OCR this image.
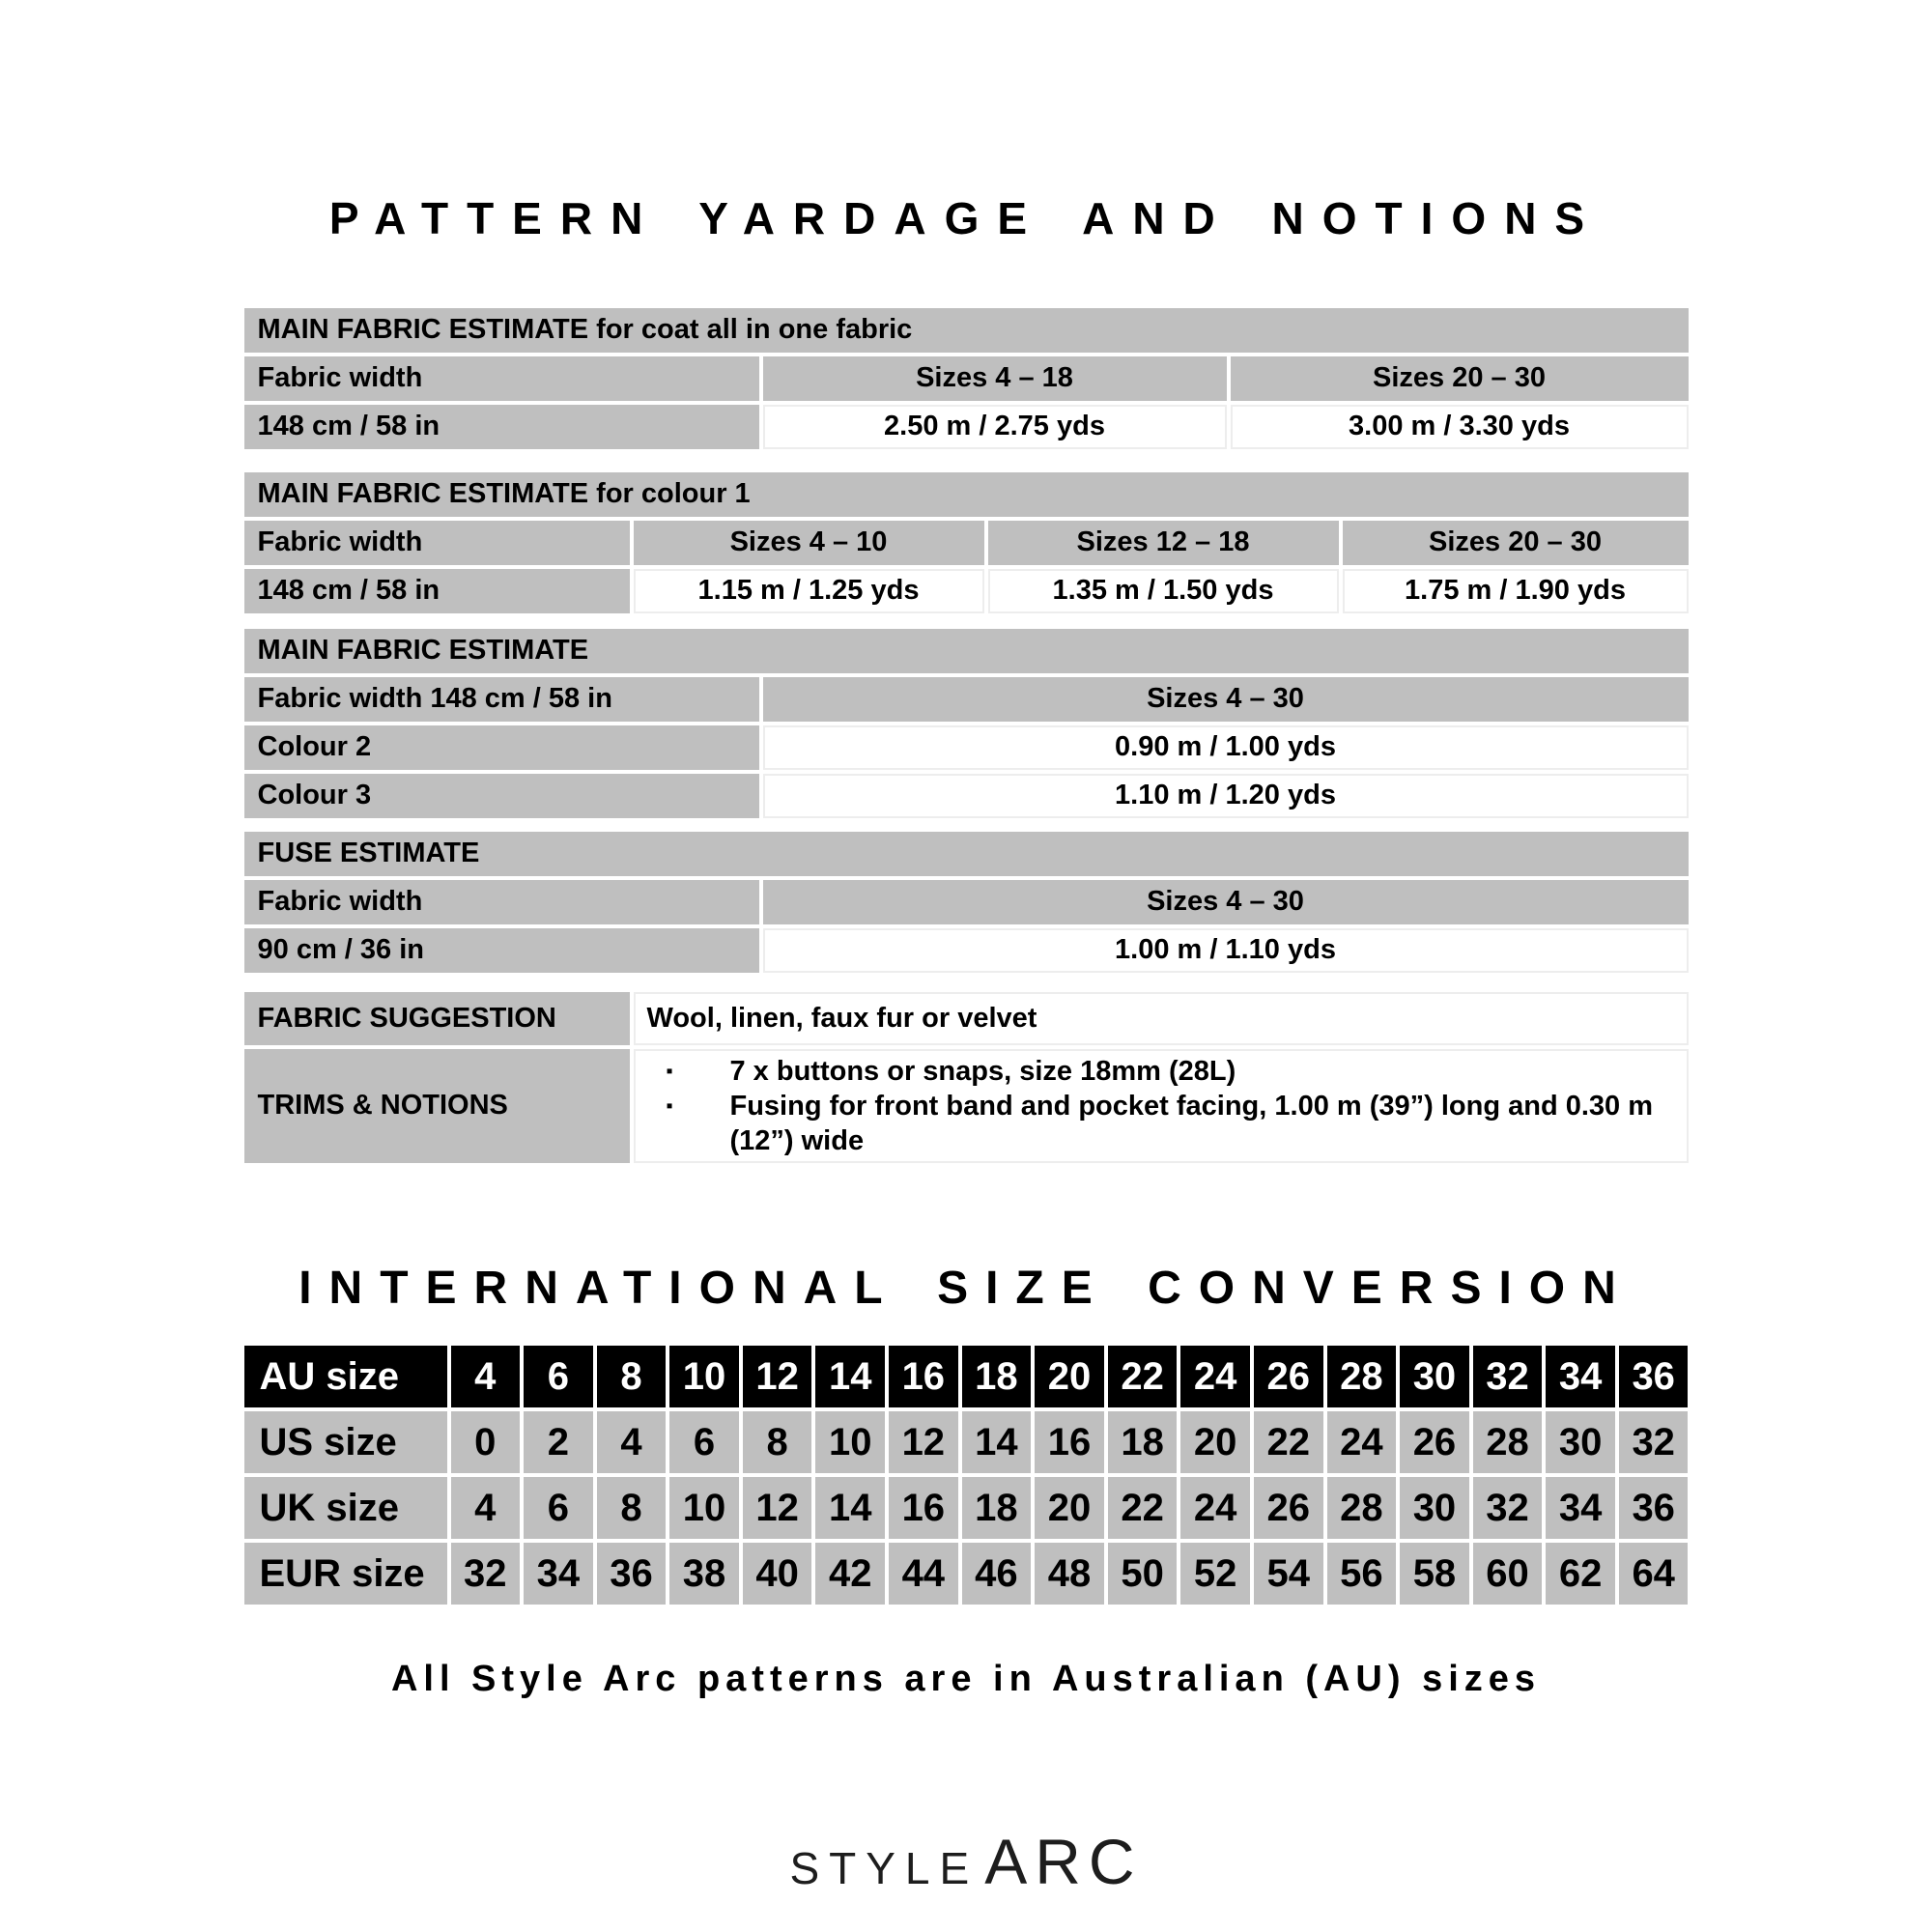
PATTERN YARDAGE AND NOTIONS
MAIN FABRIC ESTIMATE for coat all in one fabric
Fabric width	Sizes 4 – 18	Sizes 20 – 30
148 cm / 58 in	2.50 m / 2.75 yds	3.00 m / 3.30 yds
MAIN FABRIC ESTIMATE for colour 1
Fabric width	Sizes 4 – 10	Sizes 12 – 18	Sizes 20 – 30
148 cm / 58 in	1.15 m / 1.25 yds	1.35 m / 1.50 yds	1.75 m / 1.90 yds
MAIN FABRIC ESTIMATE
Fabric width 148 cm / 58 in	Sizes 4 – 30
Colour 2	0.90 m / 1.00 yds
Colour 3	1.10 m / 1.20 yds
FUSE ESTIMATE
Fabric width	Sizes 4 – 30
90 cm / 36 in	1.00 m / 1.10 yds
FABRIC SUGGESTION	Wool, linen, faux fur or velvet
TRIMS & NOTIONS
▪	7 x buttons or snaps, size 18mm (28L)
▪	Fusing for front band and pocket facing, 1.00 m (39”) long and 0.30 m (12”) wide
INTERNATIONAL SIZE CONVERSION
AU size	4	6	8	10 12 14 16 18 20 22 24 26 28 30 32 34 36
US size	0	2	4	6	8	10 12 14 16 18 20 22 24 26 28 30 32
UK size	4	6	8	10 12 14 16 18 20 22 24 26 28 30 32 34 36
EUR size	32 34 36 38 40 42 44 46 48 50 52 54 56 58 60 62 64
All Style Arc patterns are in Australian (AU) sizes
STYLE ARC
